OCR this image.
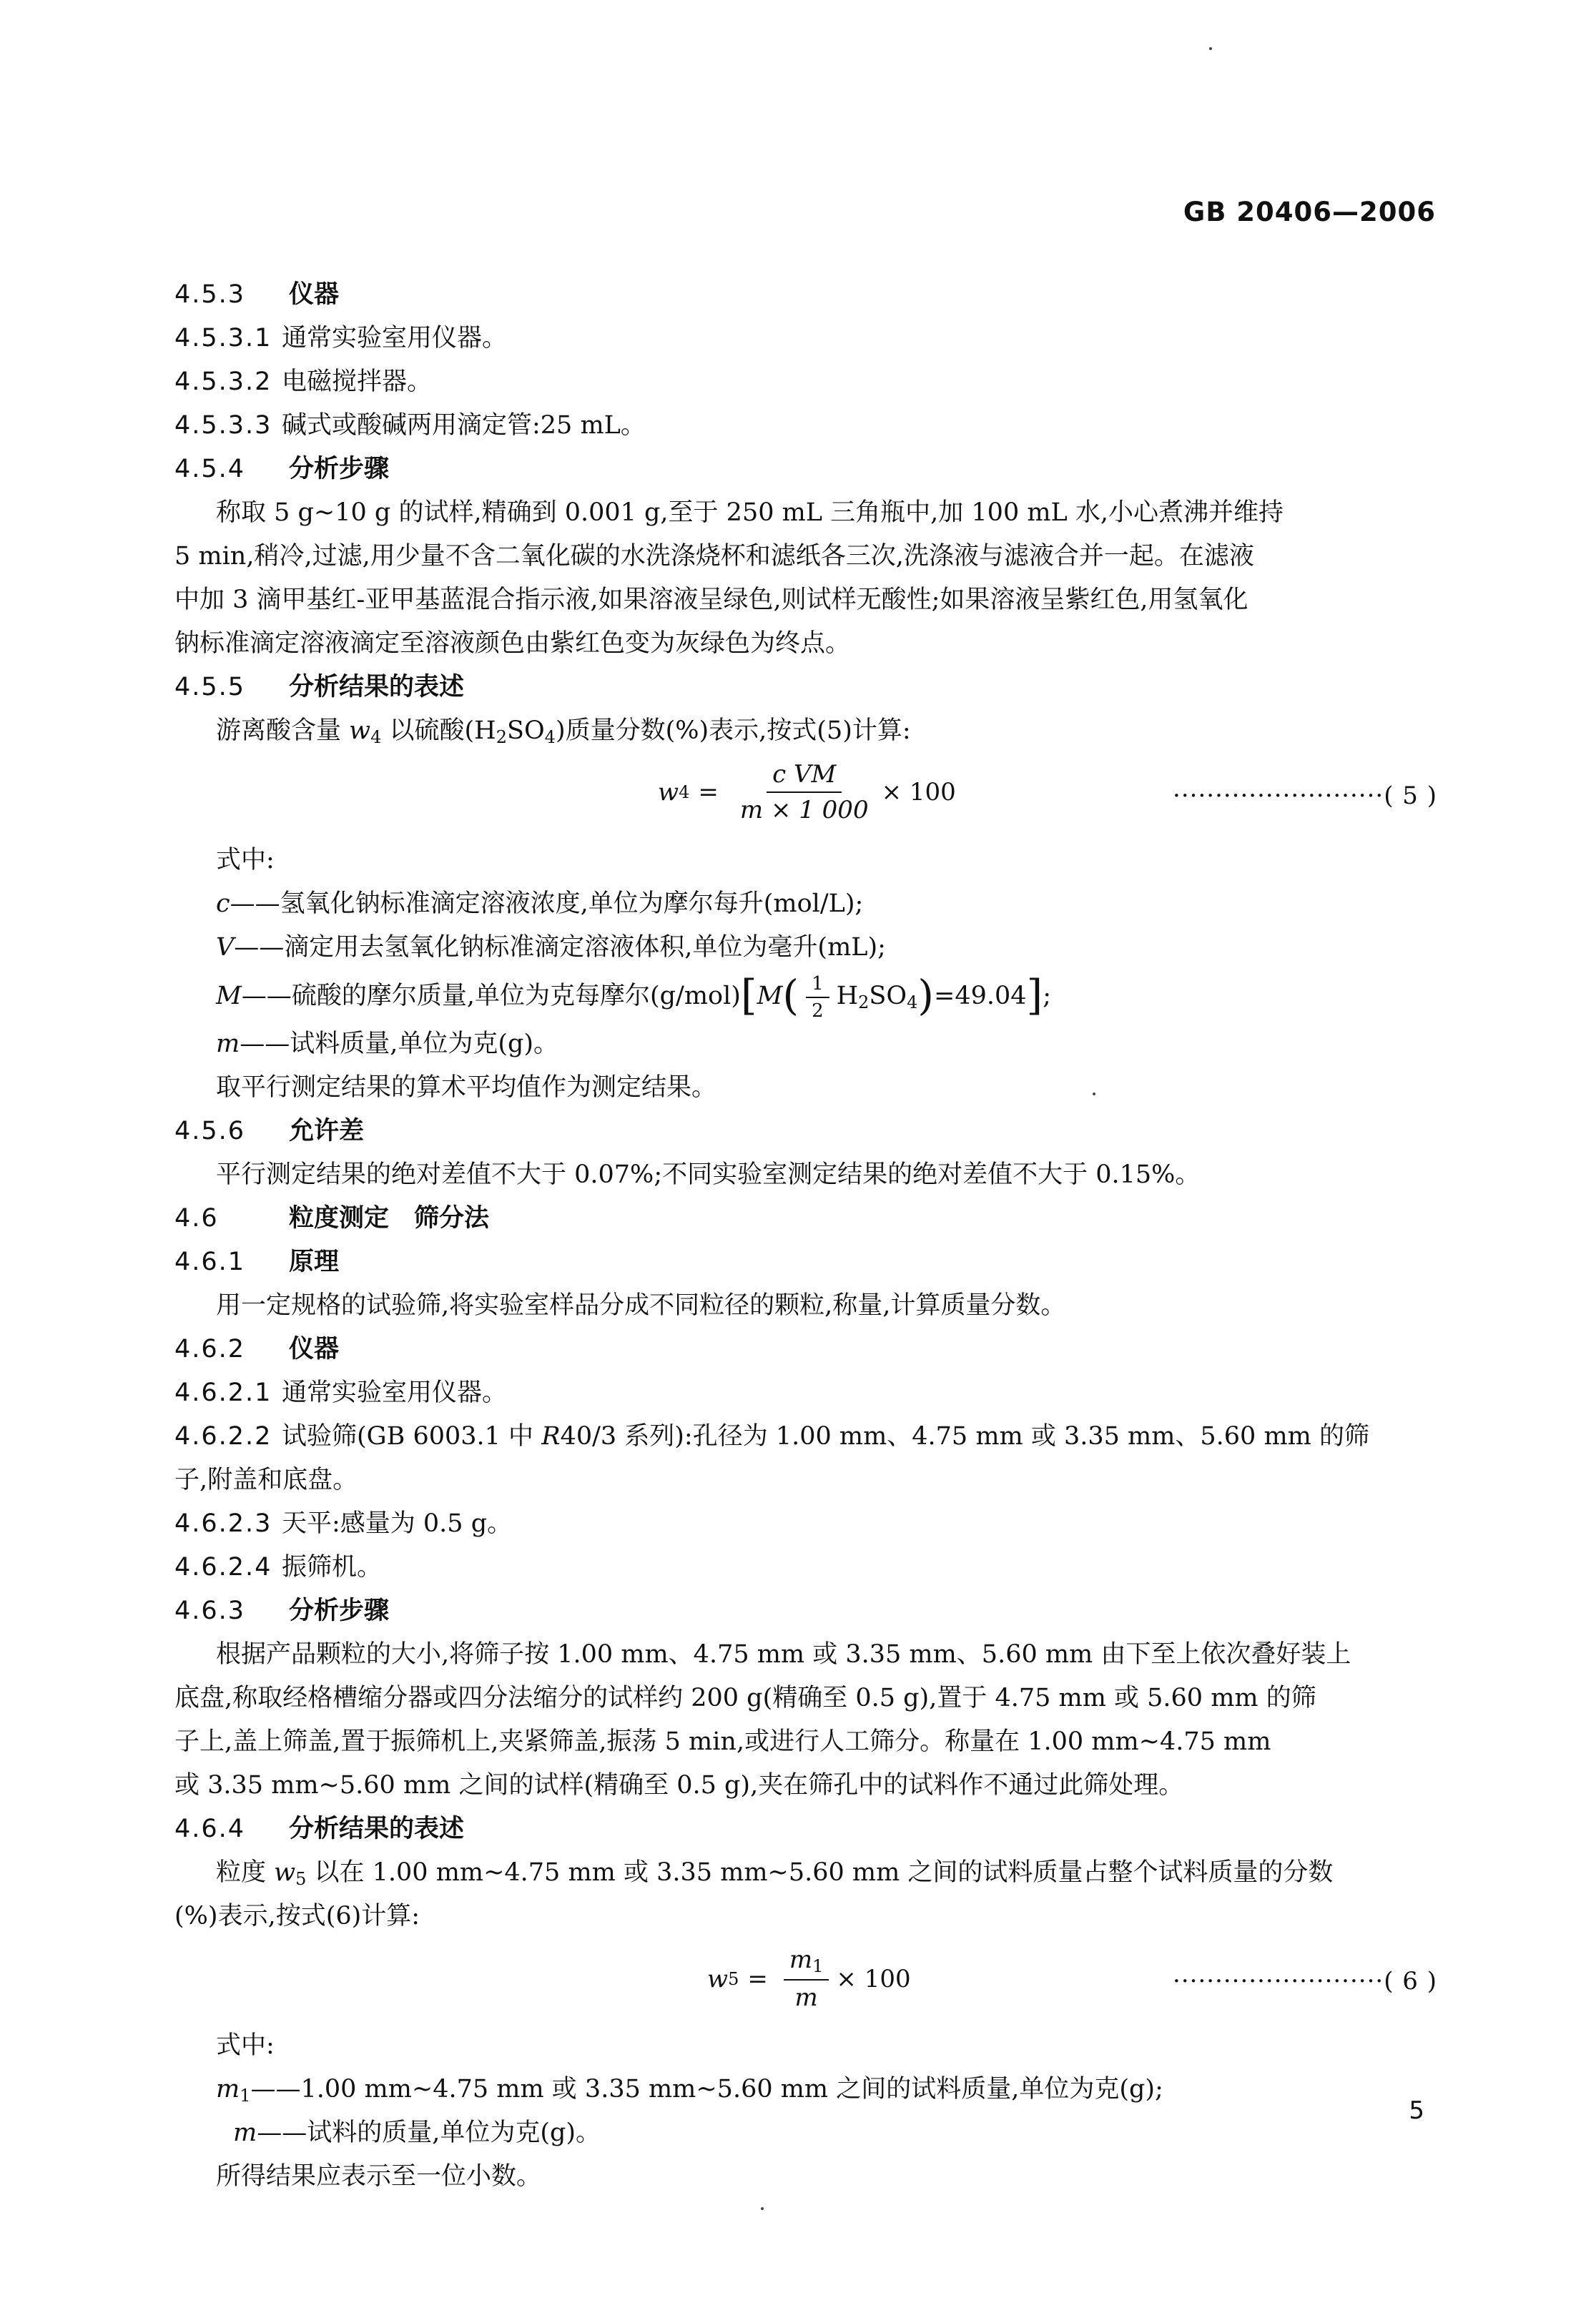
GB 20406—2006
4.5.3 仪器
4.5.3.1 通常实验室用仪器。
4.5.3.2 电磁搅拌器。
4.5.3.3 碱式或酸碱两用滴定管:25 mL。
4.5.4 分析步骤
称取 5 g~10 g 的试样,精确到 0.001 g,至于 250 mL 三角瓶中,加 100 mL 水,小心煮沸并维持
5 min,稍冷,过滤,用少量不含二氧化碳的水洗涤烧杯和滤纸各三次,洗涤液与滤液合并一起。在滤液
中加 3 滴甲基红-亚甲基蓝混合指示液,如果溶液呈绿色,则试样无酸性;如果溶液呈紫红色,用氢氧化
钠标准滴定溶液滴定至溶液颜色由紫红色变为灰绿色为终点。
4.5.5 分析结果的表述
游离酸含量 $w_4$ 以硫酸$(H_2SO_4)$质量分数(%)表示,按式(5)计算:
w $4 = \frac{\text{c VM}}{m \times 1 000} \times 100$	·························( 5 )
式中:
c——氢氧化钠标准滴定溶液浓度,单位为摩尔每升(mol/L);
V——滴定用去氢氧化钠标准滴定溶液体积,单位为毫升(mL);
M——硫酸的摩尔质量,单位为克每摩尔$(g/mol)[M( \frac{1}{2} H_2SO_4)=49.04]$;
m——试料质量,单位为克(g)。
取平行测定结果的算术平均值作为测定结果。
4.5.6 允许差
平行测定结果的绝对差值不大于 0.07%;不同实验室测定结果的绝对差值不大于 0.15%。
4.6	粒度测定　筛分法
4.6.1 原理
用一定规格的试验筛,将实验室样品分成不同粒径的颗粒,称量,计算质量分数。
4.6.2 仪器
4.6.2.1 通常实验室用仪器。
4.6.2.2 试验筛(GB 6003.1 中 R40/3 系列):孔径为 1.00 mm、4.75 mm 或 3.35 mm、5.60 mm 的筛
子,附盖和底盘。
4.6.2.3 天平:感量为 0.5 g。
4.6.2.4 振筛机。
4.6.3 分析步骤
根据产品颗粒的大小,将筛子按 1.00 mm、4.75 mm 或 3.35 mm、5.60 mm 由下至上依次叠好装上
底盘,称取经格槽缩分器或四分法缩分的试样约 200 g(精确至 0.5 g),置于 4.75 mm 或 5.60 mm 的筛
子上,盖上筛盖,置于振筛机上,夹紧筛盖,振荡 5 min,或进行人工筛分。称量在 1.00 mm~4.75 mm
或 3.35 mm~5.60 mm 之间的试样(精确至 0.5 g),夹在筛孔中的试料作不通过此筛处理。
4.6.4 分析结果的表述
粒度 $w_5$ 以在 1.00 mm~4.75 mm 或 3.35 mm~5.60 mm 之间的试料质量占整个试料质量的分数
(%)表示,按式(6)计算:
w $5 = \frac{m_1}{m} \times 100$	·························( 6 )
式中:
$m_1——1.00$ mm~4.75 mm 或 3.35 mm~5.60 mm 之间的试料质量,单位为克(g);
m——试料的质量,单位为克(g)。
所得结果应表示至一位小数。
5
